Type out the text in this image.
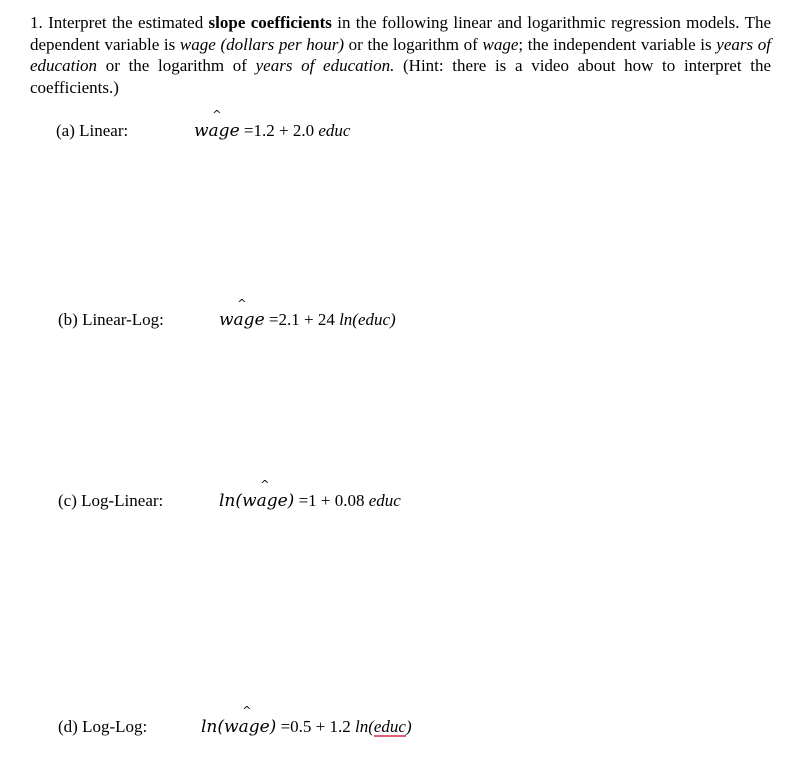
1. Interpret the estimated slope coefficients in the following linear and logarithmic regression models. The dependent variable is wage (dollars per hour) or the logarithm of wage; the independent variable is years of education or the logarithm of years of education. (Hint: there is a video about how to interpret the coefficients.)
(a) Linear:
^
wage =1.2 + 2.0 educ
(b) Linear-Log:
^
wage =2.1 + 24 ln(educ)
(c) Log-Linear:	ln(
^
wage) =1 + 0.08 educ
(d) Log-Log:	ln(
^
wage) =0.5 + 1.2 ln(educ)
